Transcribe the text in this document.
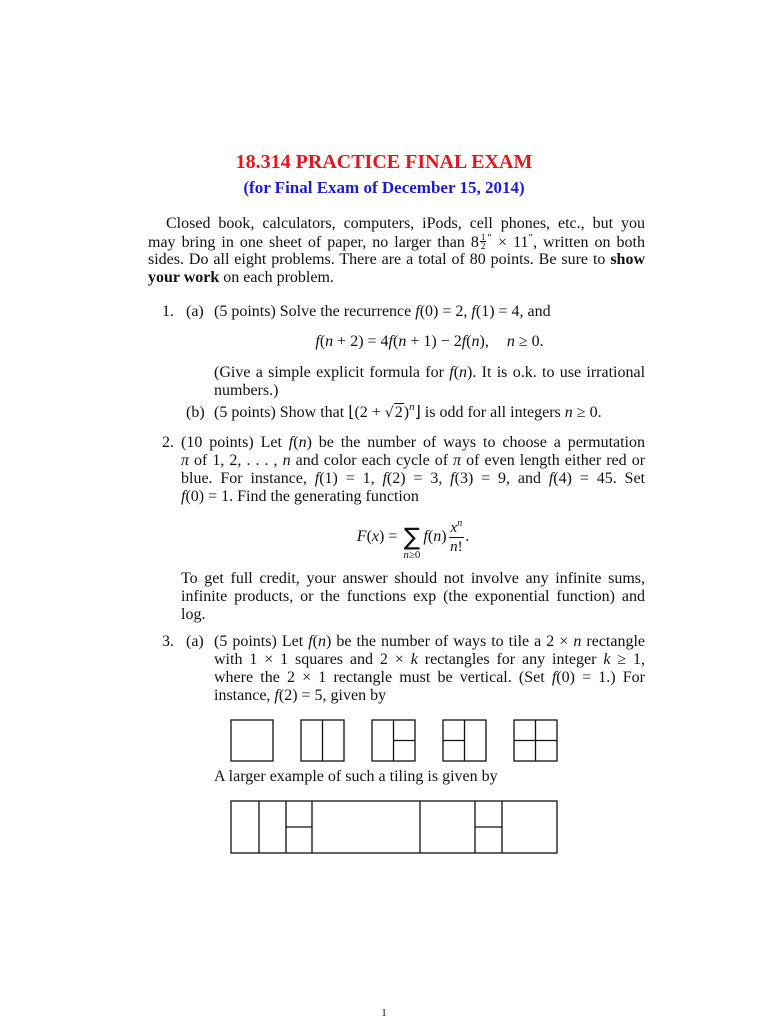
18.314 PRACTICE FINAL EXAM
(for Final Exam of December 15, 2014)
Closed book, calculators, computers, iPods, cell phones, etc., but you
may bring in one sheet of paper, no larger than $8 \frac{1}{2} '' \times 11''$, written on both
sides. Do all eight problems. There are a total of 80 points. Be sure to show
your work on each problem.
1. (a) (5 points) Solve the recurrence f(0) = 2, f(1) = 4, and
f(n + 2) = 4f(n + 1) − 2f(n), n ≥ 0.
(Give a simple explicit formula for f(n). It is o.k. to use irrational
numbers.)
(b) (5 points) Show that ⌊(2 + √2)$^n$⌋ is odd for all integers n ≥ 0.
2. (10 points) Let f(n) be the number of ways to choose a permutation
π of 1, 2, . . . , n and color each cycle of π of even length either red or
blue. For instance, f(1) = 1, f(2) = 3, f(3) = 9, and f(4) = 45. Set
f(0) = 1. Find the generating function
F(x) = ∑
n≥0
$f(n) \frac{x^n}{n!}$ .
To get full credit, your answer should not involve any infinite sums,
infinite products, or the functions exp (the exponential function) and
log.
3. (a) (5 points) Let f(n) be the number of ways to tile a 2 × n rectangle
with 1 × 1 squares and 2 × k rectangles for any integer k ≥ 1,
where the 2 × 1 rectangle must be vertical. (Set f(0) = 1.) For
instance, f(2) = 5, given by
A larger example of such a tiling is given by
1
